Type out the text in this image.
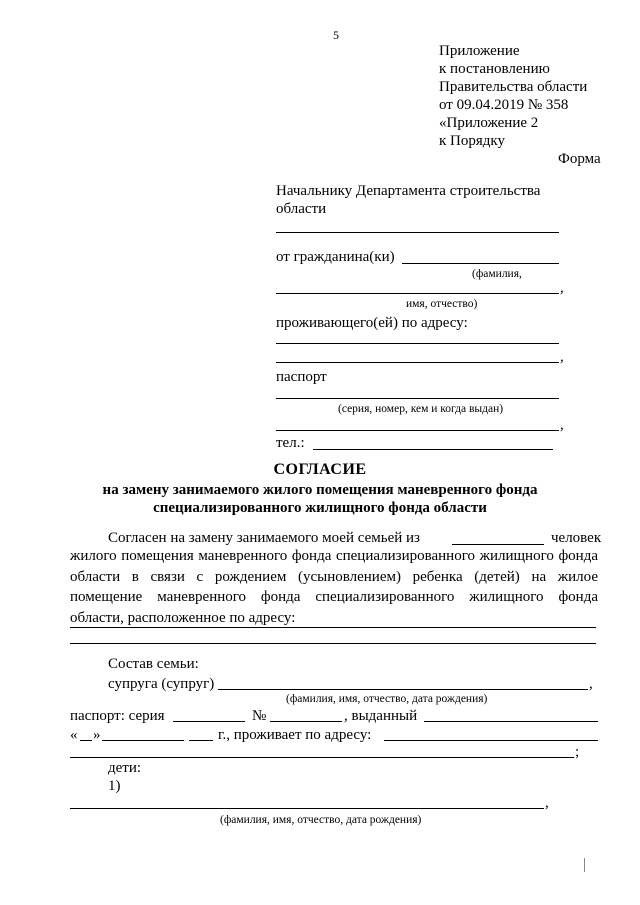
5
Приложение
к постановлению
Правительства области
от 09.04.2019 № 358
«Приложение 2
к Порядку
Форма
Начальнику Департамента строительства
области
от гражданина(ки)
(фамилия,
,
имя, отчество)
проживающего(ей) по адресу:
,
паспорт
(серия, номер, кем и когда выдан)
,
тел.:
СОГЛАСИЕ
на замену занимаемого жилого помещения маневренного фонда
специализированного жилищного фонда области
Согласен на замену занимаемого моей семьей из	человек
жилого помещения маневренного фонда специализированного жилищного фонда области в связи с рождением (усыновлением) ребенка (детей) на жилое помещение маневренного фонда специализированного жилищного фонда области, расположенное по адресу:
Состав семьи:
супруга (супруг)	,
(фамилия, имя, отчество, дата рождения)
паспорт: серия	№	, выданный
« »	г., проживает по адресу:
;
дети:
1)
,
(фамилия, имя, отчество, дата рождения)
